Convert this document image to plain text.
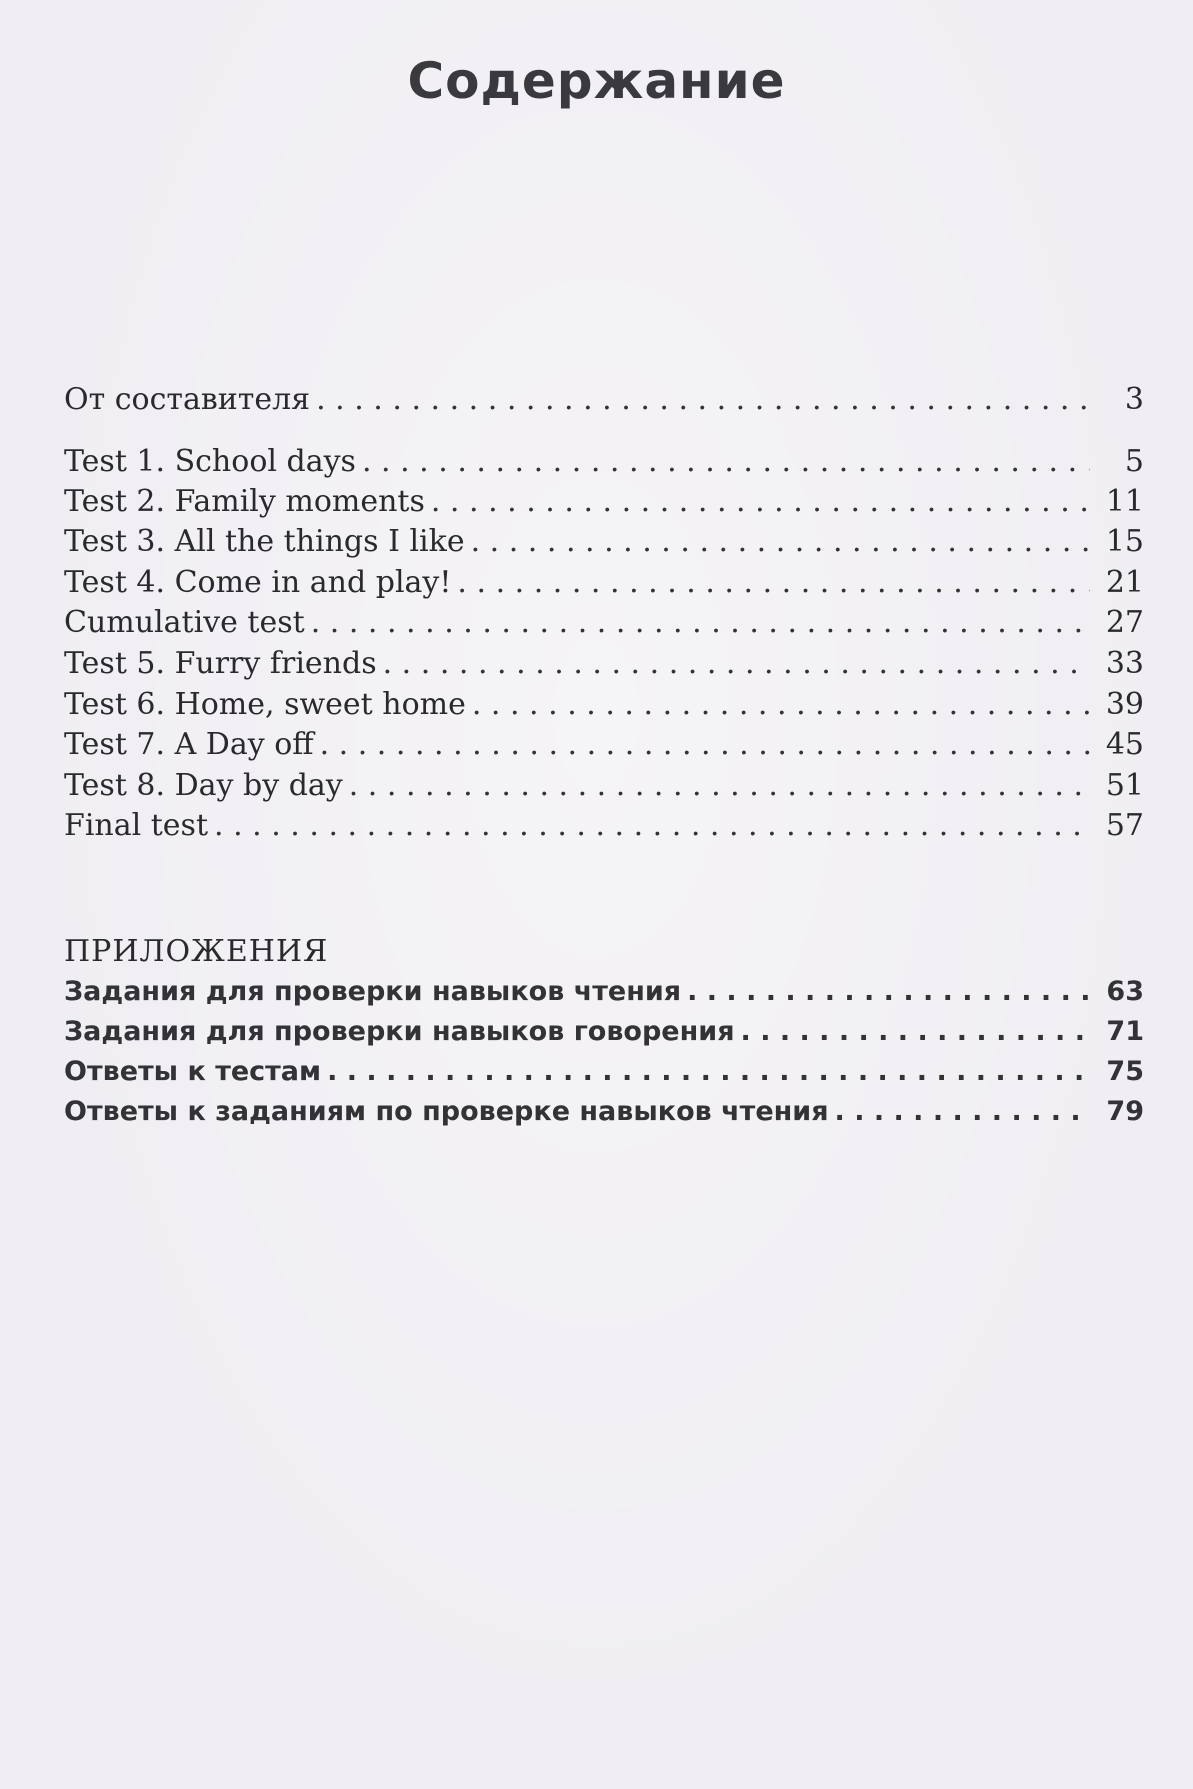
Содержание
От составителя . . .	3
Test 1. School days . . .	5
Test 2. Family moments . . .	11
Test 3. All the things I like . . .	15
Test 4. Come in and play! . . .	21
Cumulative test . . .	27
Test 5. Furry friends . . .	33
Test 6. Home, sweet home . . .	39
Test 7. A Day off . . .	45
Test 8. Day by day . . .	51
Final test . . .	57
ПРИЛОЖЕНИЯ
Задания для проверки навыков чтения . . .	63
Задания для проверки навыков говорения . . .	71
Ответы к тестам . . .	75
Ответы к заданиям по проверке навыков чтения . . .	79
